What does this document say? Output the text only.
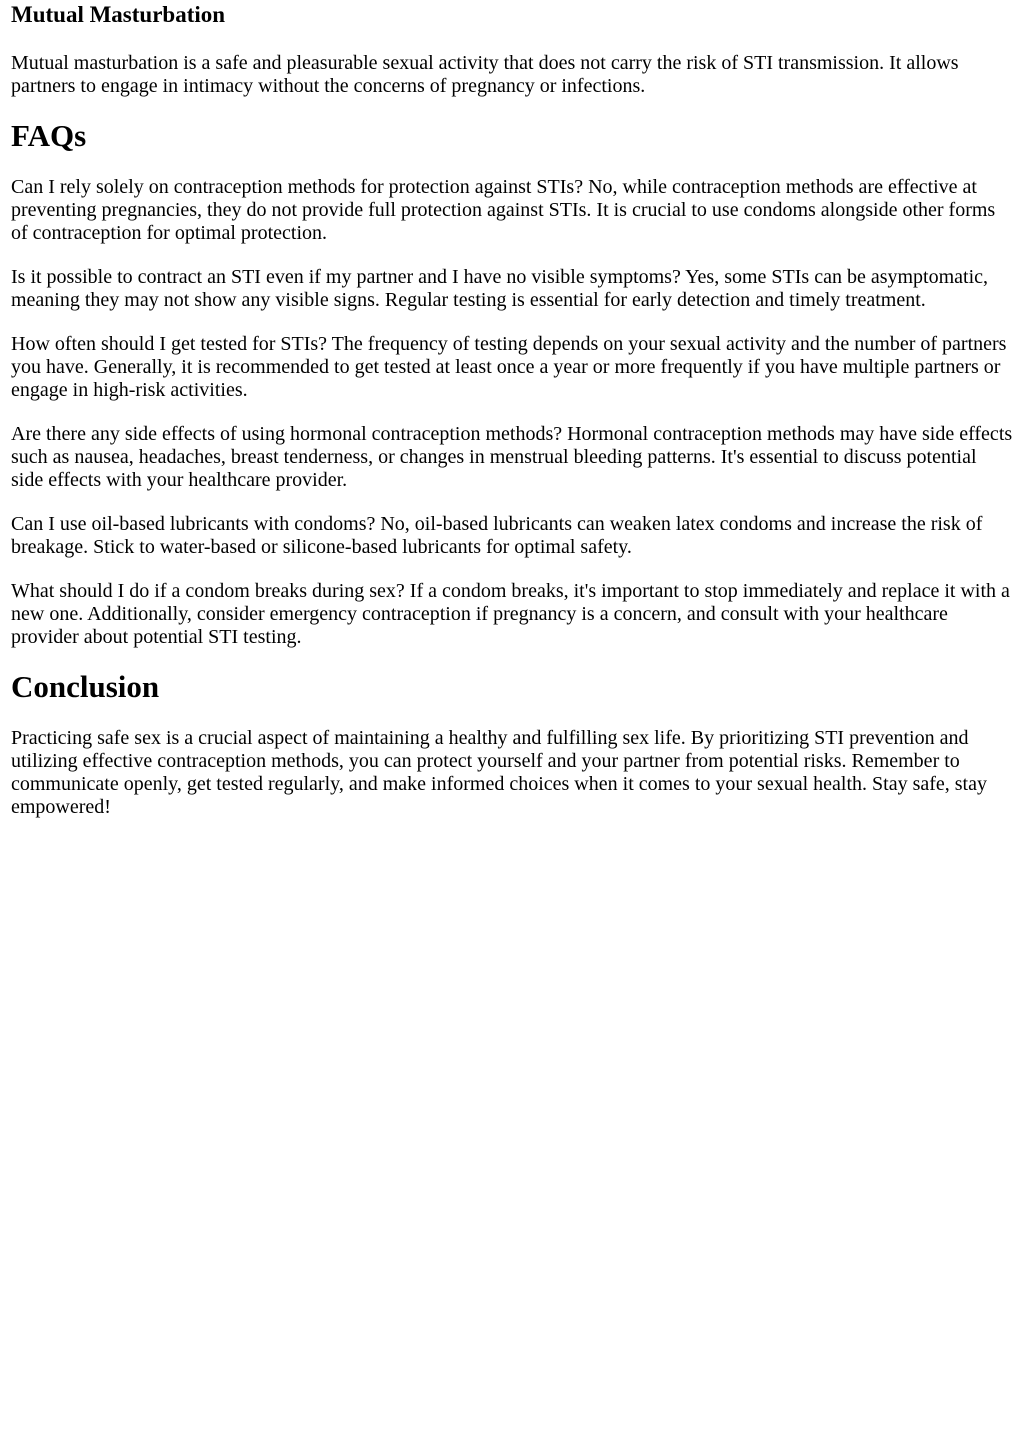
Mutual Masturbation

Mutual masturbation is a safe and pleasurable sexual activity that does not carry the risk of STI transmission. It allows partners to engage in intimacy without the concerns of pregnancy or infections.

FAQs

Can I rely solely on contraception methods for protection against STIs? No, while contraception methods are effective at preventing pregnancies, they do not provide full protection against STIs. It is crucial to use condoms alongside other forms of contraception for optimal protection.

Is it possible to contract an STI even if my partner and I have no visible symptoms? Yes, some STIs can be asymptomatic, meaning they may not show any visible signs. Regular testing is essential for early detection and timely treatment.

How often should I get tested for STIs? The frequency of testing depends on your sexual activity and the number of partners you have. Generally, it is recommended to get tested at least once a year or more frequently if you have multiple partners or engage in high-risk activities.

Are there any side effects of using hormonal contraception methods? Hormonal contraception methods may have side effects such as nausea, headaches, breast tenderness, or changes in menstrual bleeding patterns. It's essential to discuss potential side effects with your healthcare provider.

Can I use oil-based lubricants with condoms? No, oil-based lubricants can weaken latex condoms and increase the risk of breakage. Stick to water-based or silicone-based lubricants for optimal safety.

What should I do if a condom breaks during sex? If a condom breaks, it's important to stop immediately and replace it with a new one. Additionally, consider emergency contraception if pregnancy is a concern, and consult with your healthcare provider about potential STI testing.

Conclusion

Practicing safe sex is a crucial aspect of maintaining a healthy and fulfilling sex life. By prioritizing STI prevention and utilizing effective contraception methods, you can protect yourself and your partner from potential risks. Remember to communicate openly, get tested regularly, and make informed choices when it comes to your sexual health. Stay safe, stay empowered!
